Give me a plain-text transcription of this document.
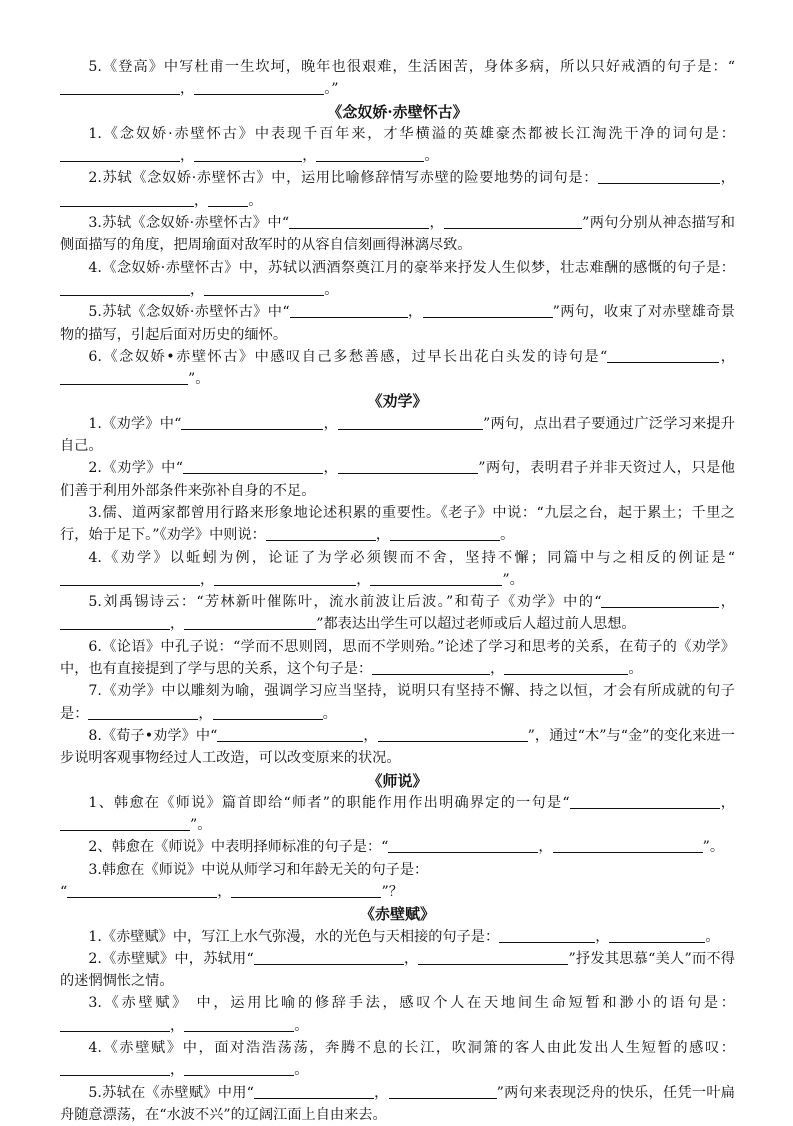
5.《登高》中写杜甫一生坎坷，晚年也很艰难，生活困苦，身体多病，所以只好戒酒的句子是：“，	。”

《念奴娇·赤壁怀古》

1.《念奴娇·赤壁怀古》中表现千百年来，才华横溢的英雄豪杰都被长江淘洗干净的词句是：，	，	。

2.苏轼《念奴娇·赤壁怀古》中，运用比喻修辞情写赤壁的险要地势的词句是：	，，	。

3.苏轼《念奴娇·赤壁怀古》中“	，	”两句分别从神态描写和侧面描写的角度，把周瑜面对敌军时的从容自信刻画得淋漓尽致。

4.《念奴娇·赤壁怀古》中，苏轼以洒酒祭奠江月的豪举来抒发人生似梦，壮志难酬的感慨的句子是：，	。

5.苏轼《念奴娇·赤壁怀古》中“	，	”两句，收束了对赤壁雄奇景物的描写，引起后面对历史的缅怀。

6.《念奴娇•赤壁怀古》中感叹自己多愁善感，过早长出花白头发的诗句是“	，”。

《劝学》

1.《劝学》中“	，	”两句，点出君子要通过广泛学习来提升自己。

2.《劝学》中“	，	”两句，表明君子并非天资过人，只是他们善于利用外部条件来弥补自身的不足。

3.儒、道两家都曾用行路来形象地论述积累的重要性。《老子》中说：“九层之台，起于累土；千里之行，始于足下。”《劝学》中则说：	，	。

4.《劝学》以蚯蚓为例，论证了为学必须锲而不舍，坚持不懈；同篇中与之相反的例证是“，	，	”。

5.刘禹锡诗云：“芳林新叶催陈叶，流水前波让后波。”和荀子《劝学》中的“	，，	”都表达出学生可以超过老师或后人超过前人思想。

6.《论语》中孔子说：“学而不思则罔，思而不学则殆。”论述了学习和思考的关系，在荀子的《劝学》中，也有直接提到了学与思的关系，这个句子是：	，	。

7.《劝学》中以雕刻为喻，强调学习应当坚持，说明只有坚持不懈、持之以恒，才会有所成就的句子是：	，	。

8.《荀子•劝学》中“	，	”，通过“木”与“金”的变化来进一步说明客观事物经过人工改造，可以改变原来的状况。

《师说》

1、韩愈在《师说》篇首即给“师者”的职能作用作出明确界定的一句是“	，”。

2、韩愈在《师说》中表明择师标准的句子是：“	，	”。

3.韩愈在《师说》中说从师学习和年龄无关的句子是：
“	，	”？

《赤壁赋》

1.《赤壁赋》中，写江上水气弥漫，水的光色与天相接的句子是：	，	。

2.《赤壁赋》中，苏轼用“	，	”抒发其思慕“美人”而不得的迷惘惆怅之情。

3.《赤壁赋》 中，运用比喻的修辞手法，感叹个人在天地间生命短暂和渺小的语句是：，	。

4.《赤壁赋》中，面对浩浩荡荡，奔腾不息的长江，吹洞箫的客人由此发出人生短暂的感叹：，	。

5.苏轼在《赤壁赋》中用“	，	”两句来表现泛舟的快乐，任凭一叶扁舟随意漂荡，在“水波不兴”的辽阔江面上自由来去。
